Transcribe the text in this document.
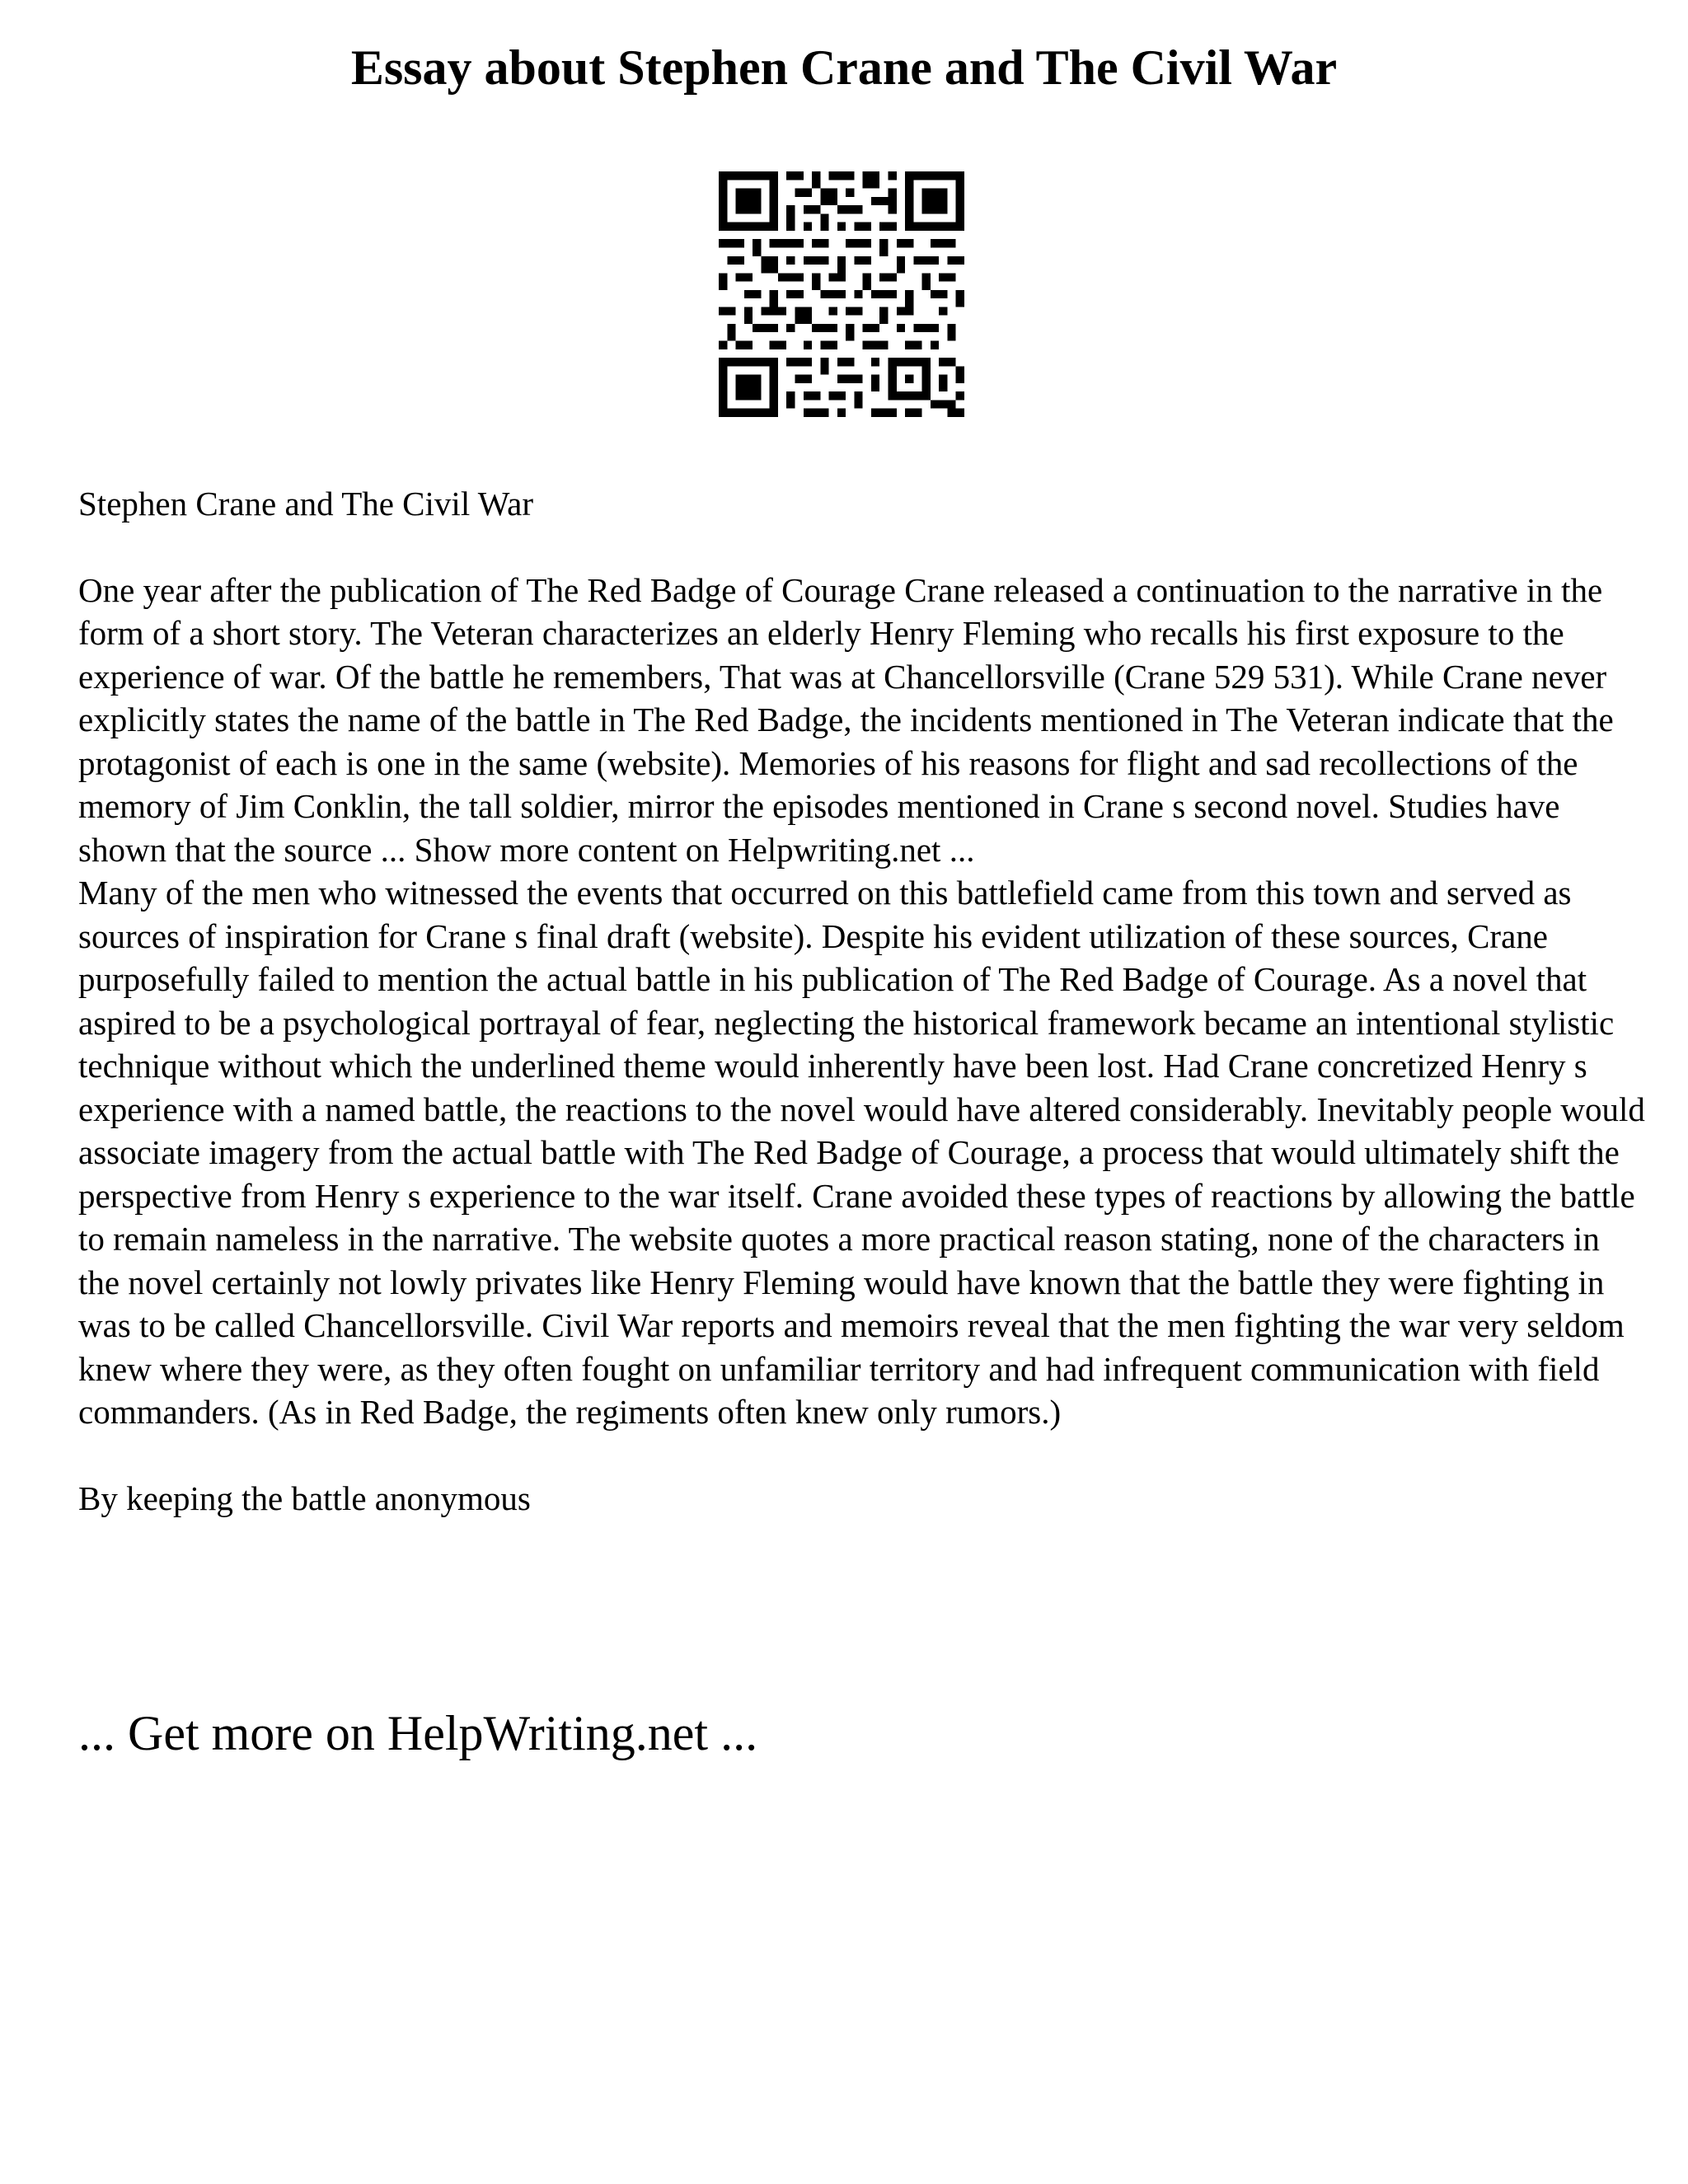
Essay about Stephen Crane and The Civil War

Stephen Crane and The Civil War

One year after the publication of The Red Badge of Courage Crane released a continuation to the narrative in the form of a short story. The Veteran characterizes an elderly Henry Fleming who recalls his first exposure to the experience of war. Of the battle he remembers, That was at Chancellorsville (Crane 529 531). While Crane never explicitly states the name of the battle in The Red Badge, the incidents mentioned in The Veteran indicate that the protagonist of each is one in the same (website). Memories of his reasons for flight and sad recollections of the memory of Jim Conklin, the tall soldier, mirror the episodes mentioned in Crane s second novel. Studies have shown that the source ... Show more content on Helpwriting.net ...

Many of the men who witnessed the events that occurred on this battlefield came from this town and served as sources of inspiration for Crane s final draft (website). Despite his evident utilization of these sources, Crane purposefully failed to mention the actual battle in his publication of The Red Badge of Courage. As a novel that aspired to be a psychological portrayal of fear, neglecting the historical framework became an intentional stylistic technique without which the underlined theme would inherently have been lost. Had Crane concretized Henry s experience with a named battle, the reactions to the novel would have altered considerably. Inevitably people would associate imagery from the actual battle with The Red Badge of Courage, a process that would ultimately shift the perspective from Henry s experience to the war itself. Crane avoided these types of reactions by allowing the battle to remain nameless in the narrative. The website quotes a more practical reason stating, none of the characters in the novel certainly not lowly privates like Henry Fleming would have known that the battle they were fighting in was to be called Chancellorsville. Civil War reports and memoirs reveal that the men fighting the war very seldom knew where they were, as they often fought on unfamiliar territory and had infrequent communication with field commanders. (As in Red Badge, the regiments often knew only rumors.)

By keeping the battle anonymous

... Get more on HelpWriting.net ...
